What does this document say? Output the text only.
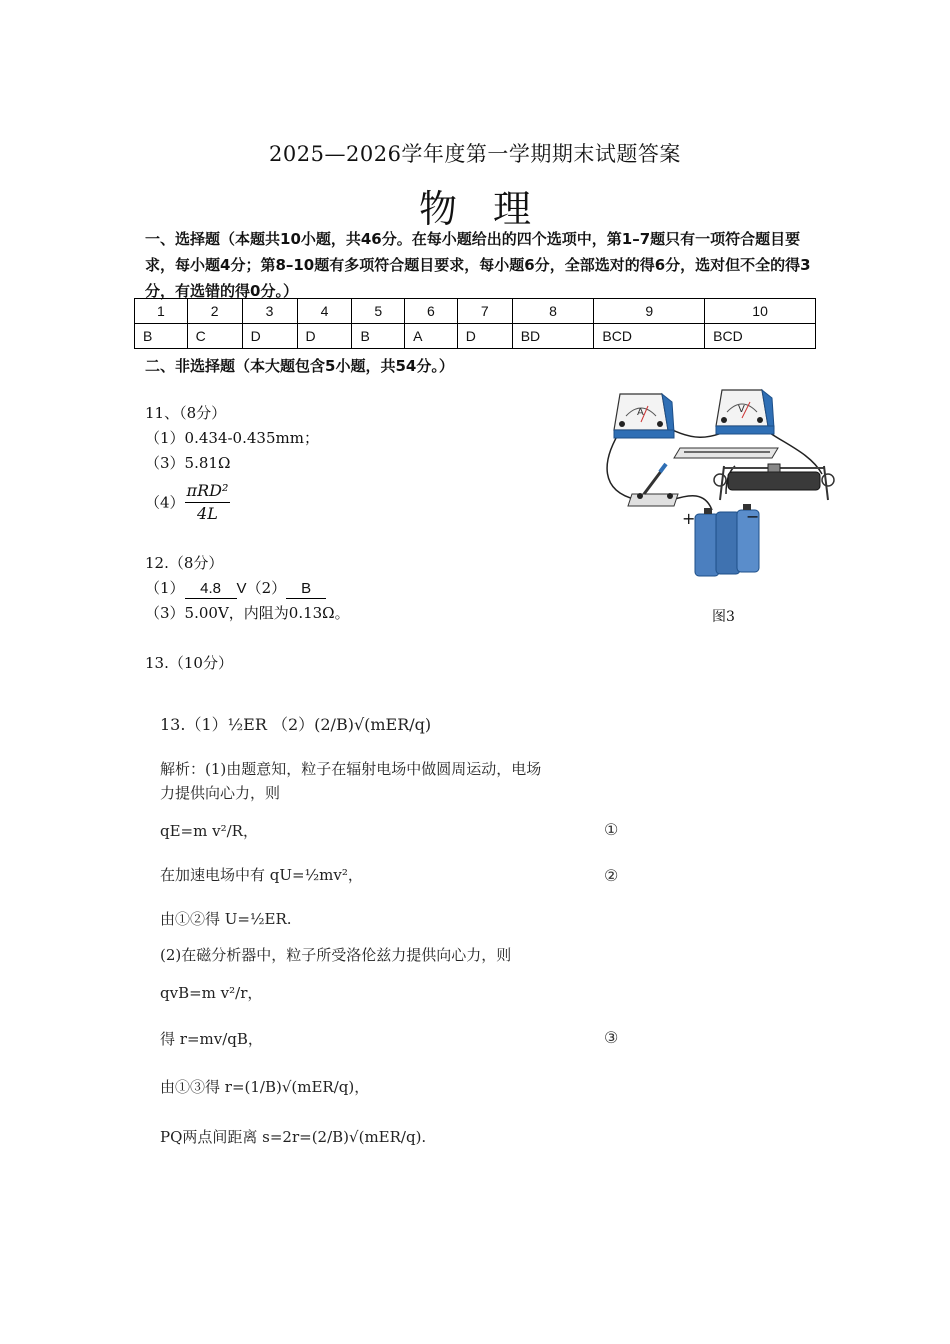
2025—2026学年度第一学期期末试题答案
物理
一、选择题（本题共10小题，共46分。在每小题给出的四个选项中，第1–7题只有一项符合题目要求，每小题4分；第8–10题有多项符合题目要求，每小题6分，全部选对的得6分，选对但不全的得3分，有选错的得0分。）
1	2	3	4	5	6	7	8	9	10
B	C	D	D	B	A	D	BD	BCD	BCD
二、非选择题（本大题包含5小题，共54分。）
11、（8分）
（1）0.434-0.435mm；
（3）5.81Ω
$(4) \frac{\text{πRD²}}{4L}$
12.（8分）
（1） 4.8 V（2） B
（3）5.00V，内阻为0.13Ω。
13.（10分）
A	V
+	−
图3
13.（1）½ER （2）(2/B)√(mER/q)
解析：(1)由题意知，粒子在辐射电场中做圆周运动，电场
力提供向心力，则
qE=m v²/R，	①
在加速电场中有 qU=½mv²，	②
由①②得 U=½ER.
(2)在磁分析器中，粒子所受洛伦兹力提供向心力，则
qvB=m v²/r，
得 r=mv/qB，	③
由①③得 r=(1/B)√(mER/q)，
PQ两点间距离 s=2r=(2/B)√(mER/q).
